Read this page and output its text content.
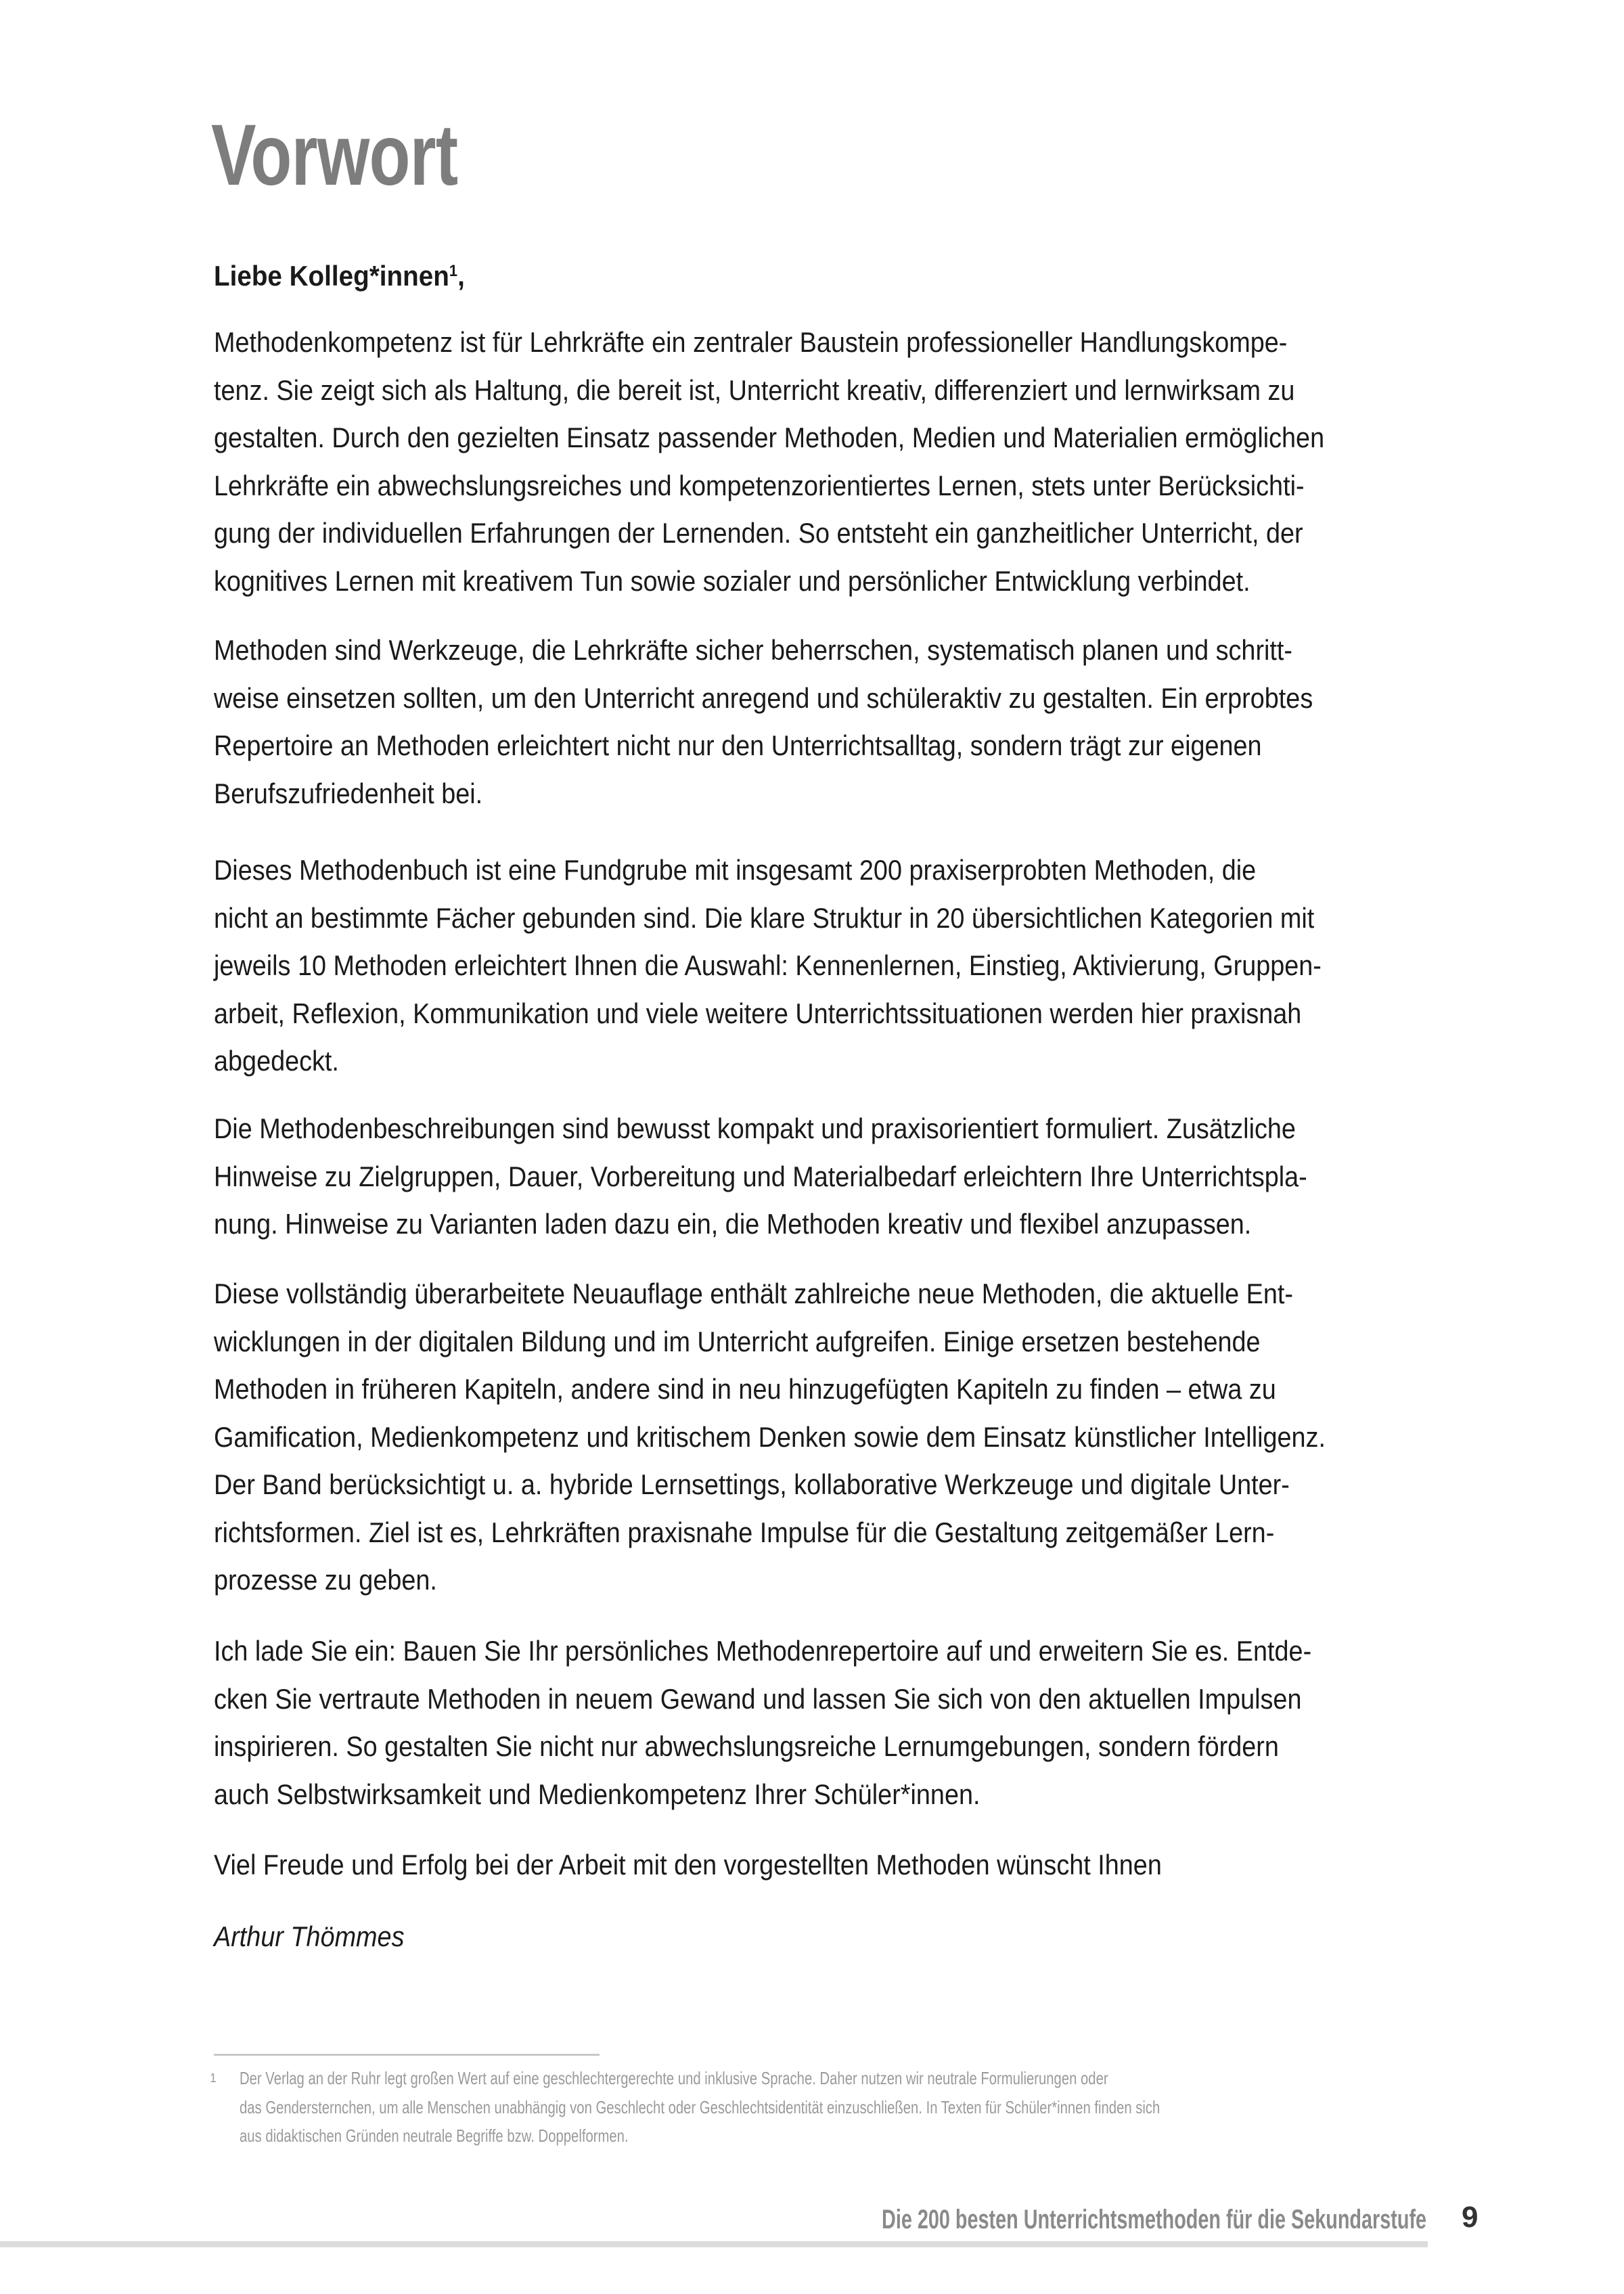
Vorwort
Liebe Kolleg*innen$^1$,
Methodenkompetenz ist für Lehrkräfte ein zentraler Baustein professioneller Handlungskompe-
tenz. Sie zeigt sich als Haltung, die bereit ist, Unterricht kreativ, differenziert und lernwirksam zu
gestalten. Durch den gezielten Einsatz passender Methoden, Medien und Materialien ermöglichen
Lehrkräfte ein abwechslungsreiches und kompetenzorientiertes Lernen, stets unter Berücksichti-
gung der individuellen Erfahrungen der Lernenden. So entsteht ein ganzheitlicher Unterricht, der
kognitives Lernen mit kreativem Tun sowie sozialer und persönlicher Entwicklung verbindet.
Methoden sind Werkzeuge, die Lehrkräfte sicher beherrschen, systematisch planen und schritt-
weise einsetzen sollten, um den Unterricht anregend und schüleraktiv zu gestalten. Ein erprobtes
Repertoire an Methoden erleichtert nicht nur den Unterrichtsalltag, sondern trägt zur eigenen
Berufszufriedenheit bei.
Dieses Methodenbuch ist eine Fundgrube mit insgesamt 200 praxiserprobten Methoden, die
nicht an bestimmte Fächer gebunden sind. Die klare Struktur in 20 übersichtlichen Kategorien mit
jeweils 10 Methoden erleichtert Ihnen die Auswahl: Kennenlernen, Einstieg, Aktivierung, Gruppen-
arbeit, Reflexion, Kommunikation und viele weitere Unterrichtssituationen werden hier praxisnah
abgedeckt.
Die Methodenbeschreibungen sind bewusst kompakt und praxisorientiert formuliert. Zusätzliche
Hinweise zu Zielgruppen, Dauer, Vorbereitung und Materialbedarf erleichtern Ihre Unterrichtspla-
nung. Hinweise zu Varianten laden dazu ein, die Methoden kreativ und flexibel anzupassen.
Diese vollständig überarbeitete Neuauflage enthält zahlreiche neue Methoden, die aktuelle Ent-
wicklungen in der digitalen Bildung und im Unterricht aufgreifen. Einige ersetzen bestehende
Methoden in früheren Kapiteln, andere sind in neu hinzugefügten Kapiteln zu finden – etwa zu
Gamification, Medienkompetenz und kritischem Denken sowie dem Einsatz künstlicher Intelligenz.
Der Band berücksichtigt u. a. hybride Lernsettings, kollaborative Werkzeuge und digitale Unter-
richtsformen. Ziel ist es, Lehrkräften praxisnahe Impulse für die Gestaltung zeitgemäßer Lern-
prozesse zu geben.
Ich lade Sie ein: Bauen Sie Ihr persönliches Methodenrepertoire auf und erweitern Sie es. Entde-
cken Sie vertraute Methoden in neuem Gewand und lassen Sie sich von den aktuellen Impulsen
inspirieren. So gestalten Sie nicht nur abwechslungsreiche Lernumgebungen, sondern fördern
auch Selbstwirksamkeit und Medienkompetenz Ihrer Schüler*innen.
Viel Freude und Erfolg bei der Arbeit mit den vorgestellten Methoden wünscht Ihnen
Arthur Thömmes
1 Der Verlag an der Ruhr legt großen Wert auf eine geschlechtergerechte und inklusive Sprache. Daher nutzen wir neutrale Formulierungen oder
das Gendersternchen, um alle Menschen unabhängig von Geschlecht oder Geschlechtsidentität einzuschließen. In Texten für Schüler*innen finden sich
aus didaktischen Gründen neutrale Begriffe bzw. Doppelformen.
Die 200 besten Unterrichtsmethoden für die Sekundarstufe 9
